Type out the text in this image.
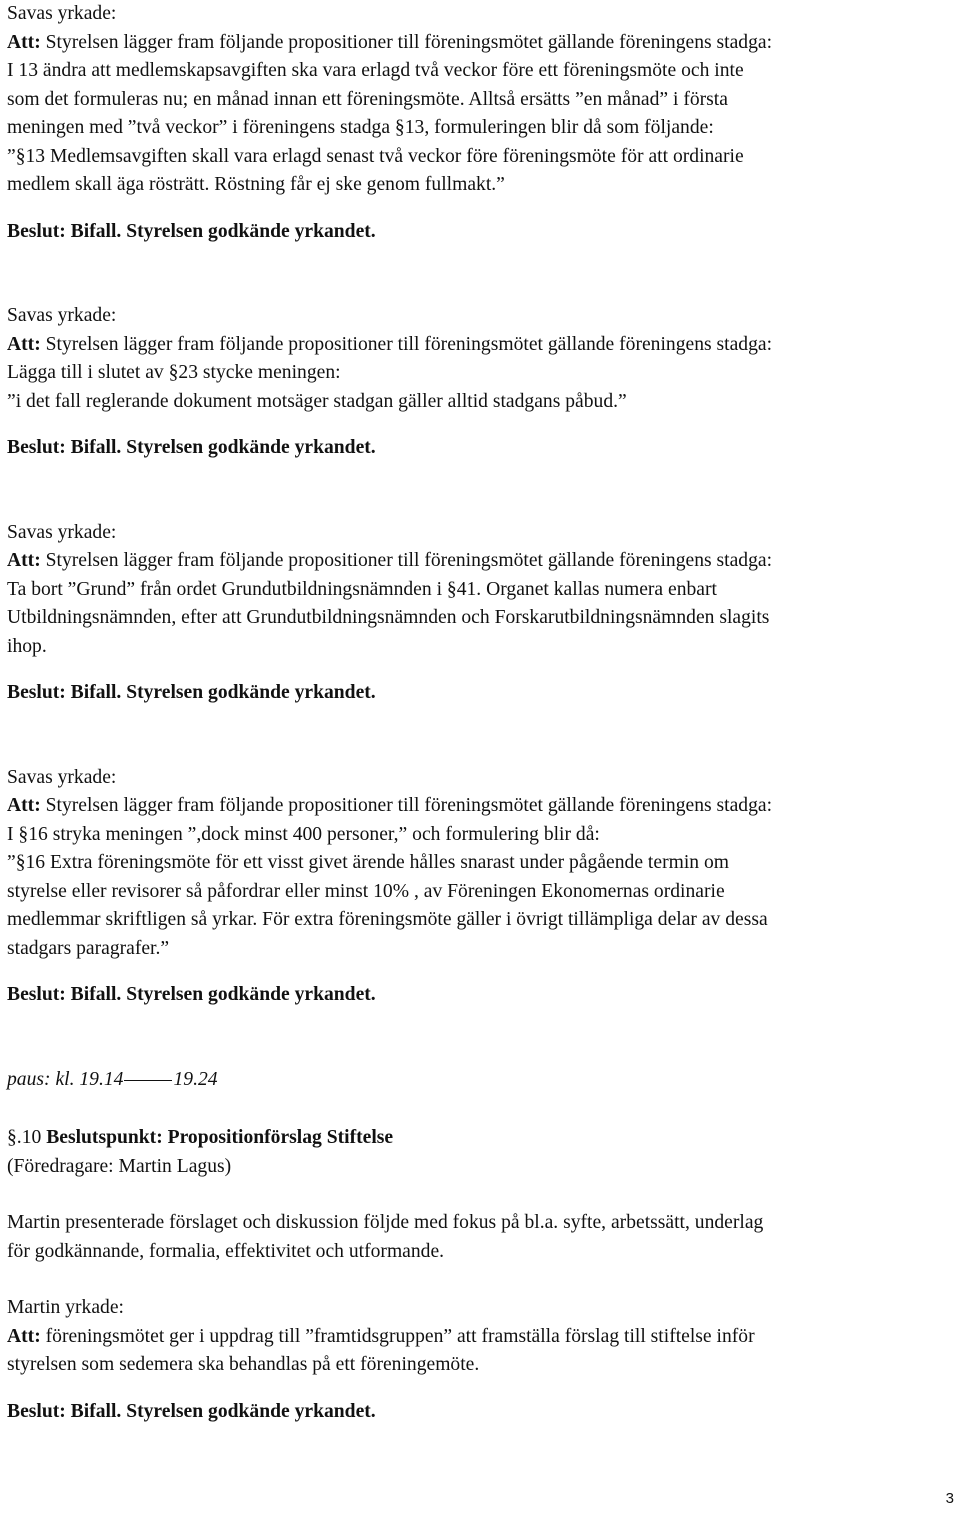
Savas yrkade:
Att: Styrelsen lägger fram följande propositioner till föreningsmötet gällande föreningens stadga:
I 13 ändra att medlemskapsavgiften ska vara erlagd två veckor före ett föreningsmöte och inte
som det formuleras nu; en månad innan ett föreningsmöte. Alltså ersätts ”en månad” i första
meningen med ”två veckor” i föreningens stadga §13, formuleringen blir då som följande:
”§13 Medlemsavgiften skall vara erlagd senast två veckor före föreningsmöte för att ordinarie
medlem skall äga rösträtt. Röstning får ej ske genom fullmakt.”
Beslut: Bifall. Styrelsen godkände yrkandet.
Savas yrkade:
Att: Styrelsen lägger fram följande propositioner till föreningsmötet gällande föreningens stadga:
Lägga till i slutet av §23 stycke meningen:
”i det fall reglerande dokument motsäger stadgan gäller alltid stadgans påbud.”
Beslut: Bifall. Styrelsen godkände yrkandet.
Savas yrkade:
Att: Styrelsen lägger fram följande propositioner till föreningsmötet gällande föreningens stadga:
Ta bort ”Grund” från ordet Grundutbildningsnämnden i §41. Organet kallas numera enbart
Utbildningsnämnden, efter att Grundutbildningsnämnden och Forskarutbildningsnämnden slagits
ihop.
Beslut: Bifall. Styrelsen godkände yrkandet.
Savas yrkade:
Att: Styrelsen lägger fram följande propositioner till föreningsmötet gällande föreningens stadga:
I §16 stryka meningen ”,dock minst 400 personer,” och formulering blir då:
”§16 Extra föreningsmöte för ett visst givet ärende hålles snarast under pågående termin om
styrelse eller revisorer så påfordrar eller minst 10% , av Föreningen Ekonomernas ordinarie
medlemmar skriftligen så yrkar. För extra föreningsmöte gäller i övrigt tillämpliga delar av dessa
stadgars paragrafer.”
Beslut: Bifall. Styrelsen godkände yrkandet.
paus: kl. 19.14	19.24
§.10 Beslutspunkt: Propositionförslag Stiftelse
(Föredragare: Martin Lagus)
Martin presenterade förslaget och diskussion följde med fokus på bl.a. syfte, arbetssätt, underlag
för godkännande, formalia, effektivitet och utformande.
Martin yrkade:
Att: föreningsmötet ger i uppdrag till ”framtidsgruppen” att framställa förslag till stiftelse inför
styrelsen som sedemera ska behandlas på ett föreningemöte.
Beslut: Bifall. Styrelsen godkände yrkandet.
3
